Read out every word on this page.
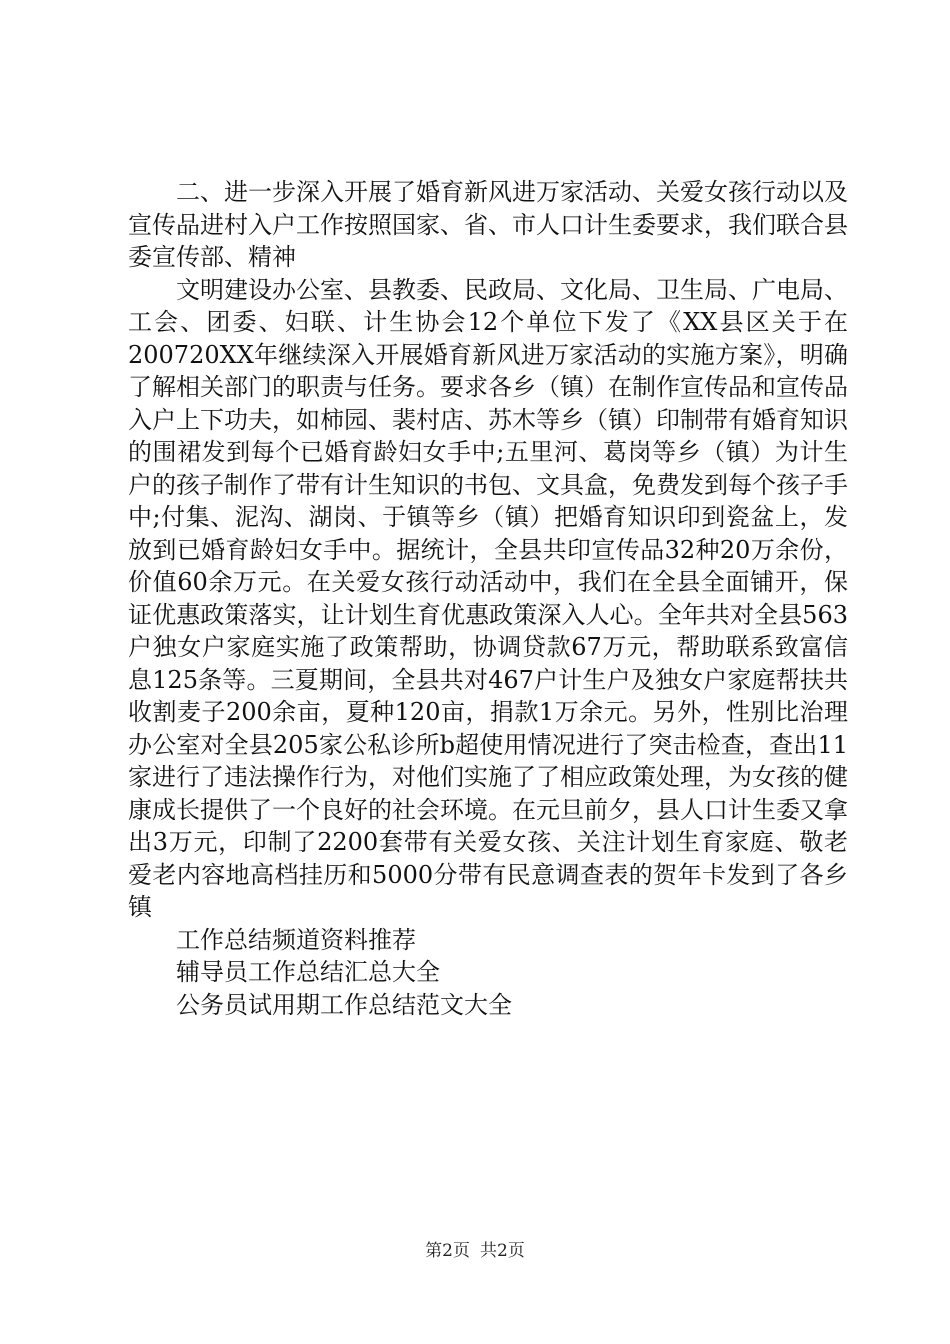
二、进一步深入开展了婚育新风进万家活动、关爱女孩行动以及宣传品进村入户工作按照国家、省、市人口计生委要求，我们联合县委宣传部、精神

文明建设办公室、县教委、民政局、文化局、卫生局、广电局、工会、团委、妇联、计生协会12个单位下发了《XX县区关于在200720XX年继续深入开展婚育新风进万家活动的实施方案》，明确了解相关部门的职责与任务。要求各乡（镇）在制作宣传品和宣传品入户上下功夫，如柿园、裴村店、苏木等乡（镇）印制带有婚育知识的围裙发到每个已婚育龄妇女手中;五里河、葛岗等乡（镇）为计生户的孩子制作了带有计生知识的书包、文具盒，免费发到每个孩子手中;付集、泥沟、湖岗、于镇等乡（镇）把婚育知识印到瓷盆上，发放到已婚育龄妇女手中。据统计，全县共印宣传品32种20万余份，价值60余万元。在关爱女孩行动活动中，我们在全县全面铺开，保证优惠政策落实，让计划生育优惠政策深入人心。全年共对全县563户独女户家庭实施了政策帮助，协调贷款67万元，帮助联系致富信息125条等。三夏期间，全县共对467户计生户及独女户家庭帮扶共收割麦子200余亩，夏种120亩，捐款1万余元。另外，性别比治理办公室对全县205家公私诊所b超使用情况进行了突击检查，查出11家进行了违法操作行为，对他们实施了了相应政策处理，为女孩的健康成长提供了一个良好的社会环境。在元旦前夕，县人口计生委又拿出3万元，印制了2200套带有关爱女孩、关注计划生育家庭、敬老爱老内容地高档挂历和5000分带有民意调查表的贺年卡发到了各乡镇

工作总结频道资料推荐

辅导员工作总结汇总大全

公务员试用期工作总结范文大全

第2页 共2页
